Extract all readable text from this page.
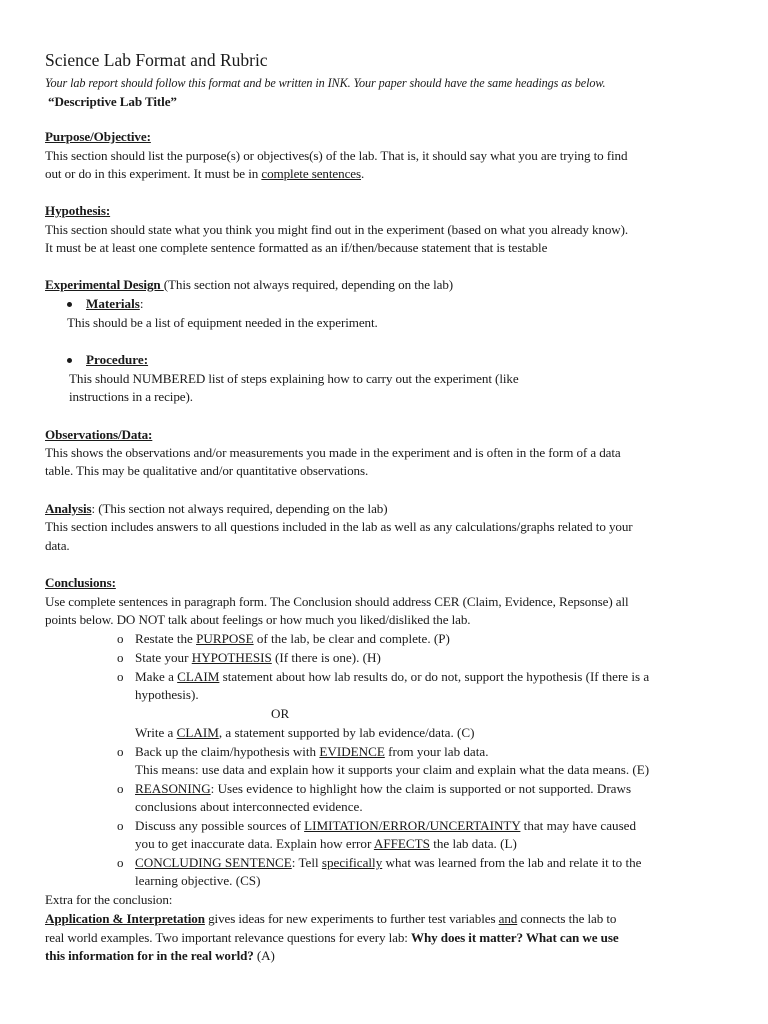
Science Lab Format and Rubric
Your lab report should follow this format and be written in INK. Your paper should have the same headings as below.
“Descriptive Lab Title”
Purpose/Objective:
This section should list the purpose(s) or objectives(s) of the lab. That is, it should say what you are trying to find
out or do in this experiment. It must be in complete sentences.
Hypothesis:
This section should state what you think you might find out in the experiment (based on what you already know).
It must be at least one complete sentence formatted as an if/then/because statement that is testable
Experimental Design (This section not always required, depending on the lab)
Materials:
This should be a list of equipment needed in the experiment.
Procedure:
This should NUMBERED list of steps explaining how to carry out the experiment (like
instructions in a recipe).
Observations/Data:
This shows the observations and/or measurements you made in the experiment and is often in the form of a data
table. This may be qualitative and/or quantitative observations.
Analysis: (This section not always required, depending on the lab)
This section includes answers to all questions included in the lab as well as any calculations/graphs related to your
data.
Conclusions:
Use complete sentences in paragraph form. The Conclusion should address CER (Claim, Evidence, Repsonse) all
points below. DO NOT talk about feelings or how much you liked/disliked the lab.
o Restate the PURPOSE of the lab, be clear and complete. (P)
o State your HYPOTHESIS (If there is one). (H)
o Make a CLAIM statement about how lab results do, or do not, support the hypothesis (If there is a
hypothesis).
OR
Write a CLAIM, a statement supported by lab evidence/data. (C)
o Back up the claim/hypothesis with EVIDENCE from your lab data.
This means: use data and explain how it supports your claim and explain what the data means. (E)
o REASONING: Uses evidence to highlight how the claim is supported or not supported. Draws
conclusions about interconnected evidence.
o Discuss any possible sources of LIMITATION/ERROR/UNCERTAINTY that may have caused
you to get inaccurate data. Explain how error AFFECTS the lab data. (L)
o CONCLUDING SENTENCE: Tell specifically what was learned from the lab and relate it to the
learning objective. (CS)
Extra for the conclusion:
Application & Interpretation gives ideas for new experiments to further test variables and connects the lab to
real world examples. Two important relevance questions for every lab: Why does it matter? What can we use
this information for in the real world? (A)
